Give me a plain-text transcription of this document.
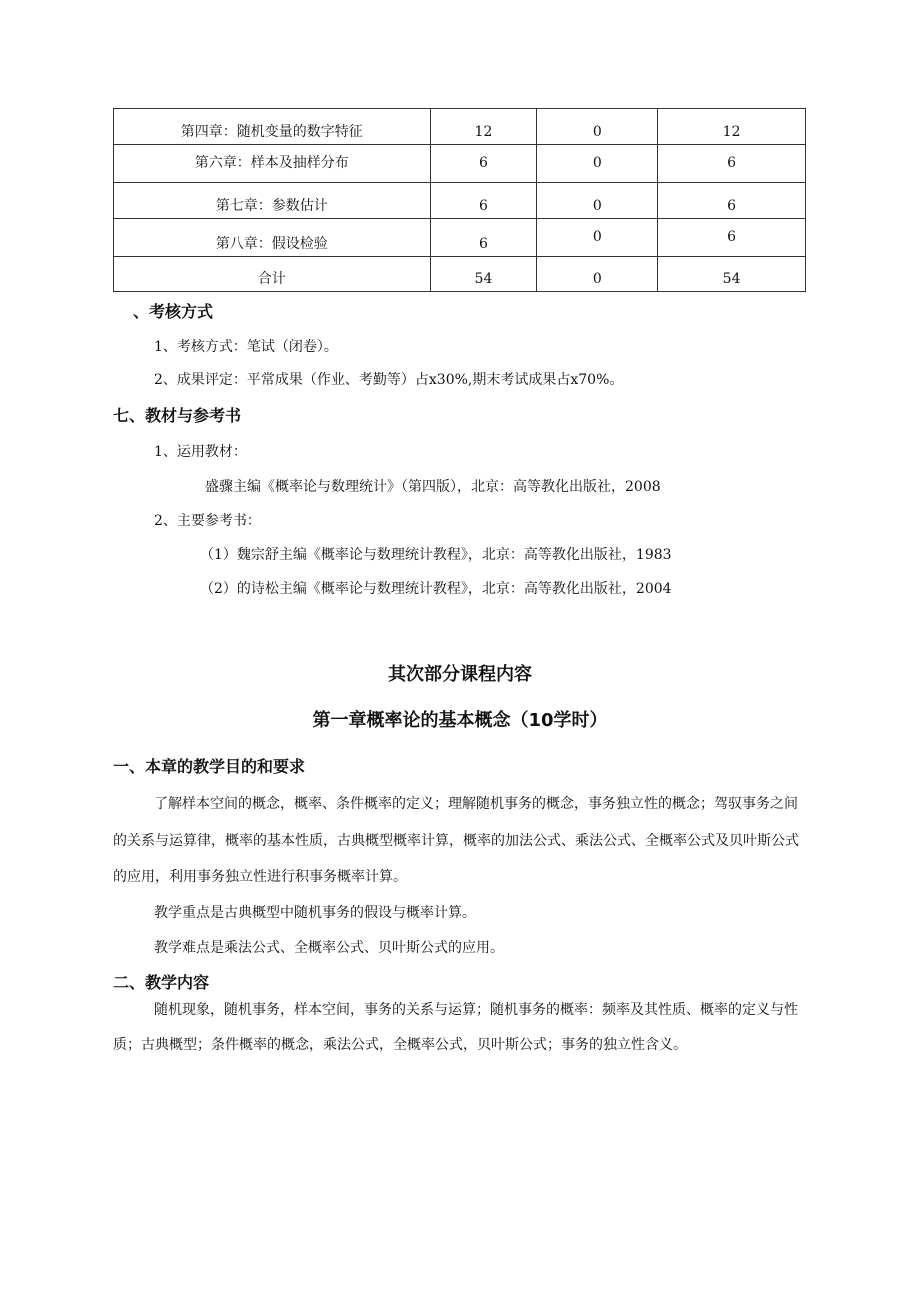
第四章：随机变量的数字特征	12	0	12
第六章：样本及抽样分布	6	0	6
第七章：参数估计	6	0	6
第八章：假设检验	6	0	6
合计	54	0	54
、考核方式
1、考核方式：笔试（闭卷）。
2、成果评定：平常成果（作业、考勤等）占x30%,期末考试成果占x70%。
七、教材与参考书
1、运用教材：
盛骤主编《概率论与数理统计》（第四版），北京：高等教化出版社，2008
2、主要参考书：
（1）魏宗舒主编《概率论与数理统计教程》，北京：高等教化出版社，1983
（2）的诗松主编《概率论与数理统计教程》，北京：高等教化出版社，2004
其次部分课程内容
第一章概率论的基本概念（10学时）
一、本章的教学目的和要求
了解样本空间的概念，概率、条件概率的定义；理解随机事务的概念，事务独立性的概念；驾驭事务之间的关系与运算律，概率的基本性质，古典概型概率计算，概率的加法公式、乘法公式、全概率公式及贝叶斯公式的应用，利用事务独立性进行积事务概率计算。
教学重点是古典概型中随机事务的假设与概率计算。
教学难点是乘法公式、全概率公式、贝叶斯公式的应用。
二、教学内容
随机现象，随机事务，样本空间，事务的关系与运算；随机事务的概率：频率及其性质、概率的定义与性质；古典概型；条件概率的概念，乘法公式，全概率公式，贝叶斯公式；事务的独立性含义。
